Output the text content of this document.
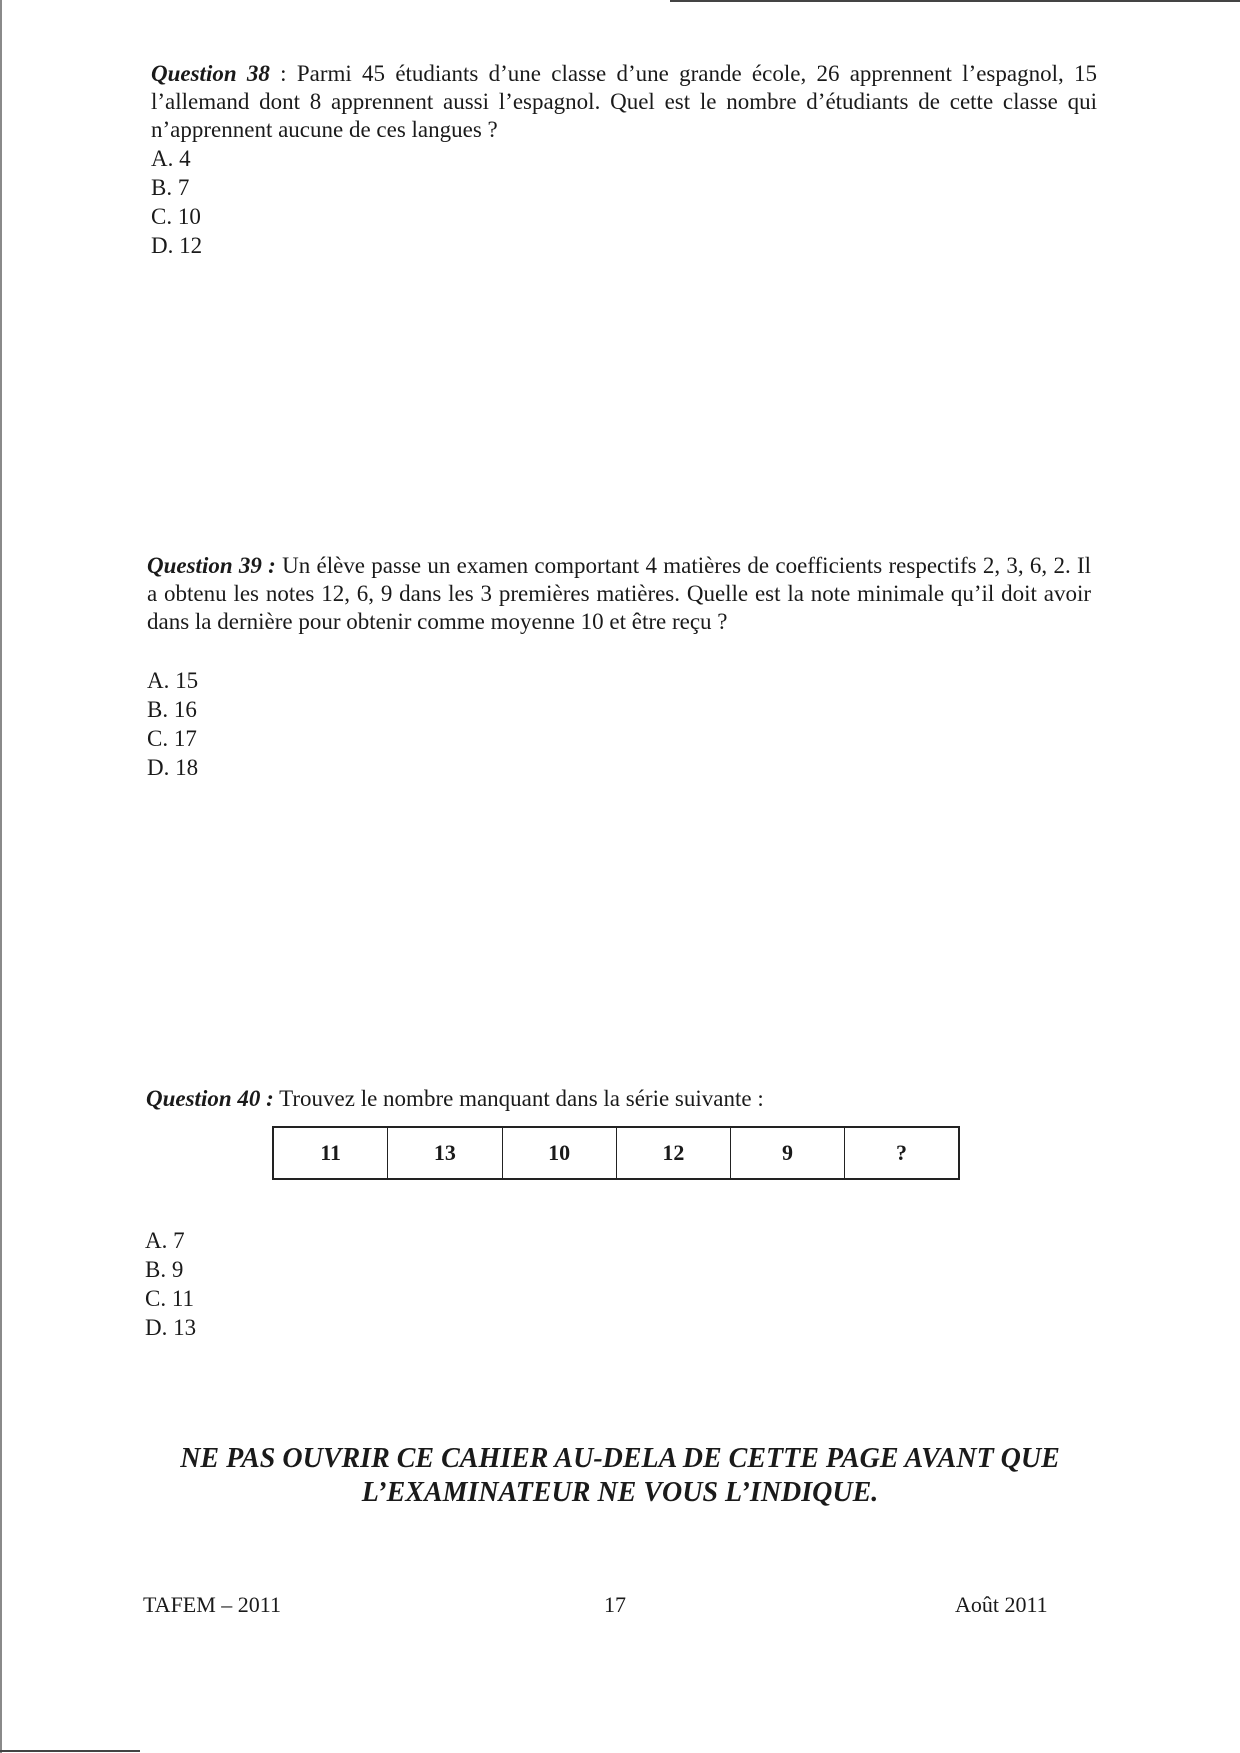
Question 38 : Parmi 45 étudiants d’une classe d’une grande école, 26 apprennent l’espagnol, 15 l’allemand dont 8 apprennent aussi l’espagnol. Quel est le nombre d’étudiants de cette classe qui n’apprennent aucune de ces langues ?
A. 4
B. 7
C. 10
D. 12
Question 39 : Un élève passe un examen comportant 4 matières de coefficients respectifs 2, 3, 6, 2. Il a obtenu les notes 12, 6, 9 dans les 3 premières matières. Quelle est la note minimale qu’il doit avoir dans la dernière pour obtenir comme moyenne 10 et être reçu ?
A. 15
B. 16
C. 17
D. 18
Question 40 : Trouvez le nombre manquant dans la série suivante :
11	13	10	12	9	?
A. 7
B. 9
C. 11
D. 13
NE PAS OUVRIR CE CAHIER AU-DELA DE CETTE PAGE AVANT QUE
L’EXAMINATEUR NE VOUS L’INDIQUE.
TAFEM – 2011	17	Août 2011
